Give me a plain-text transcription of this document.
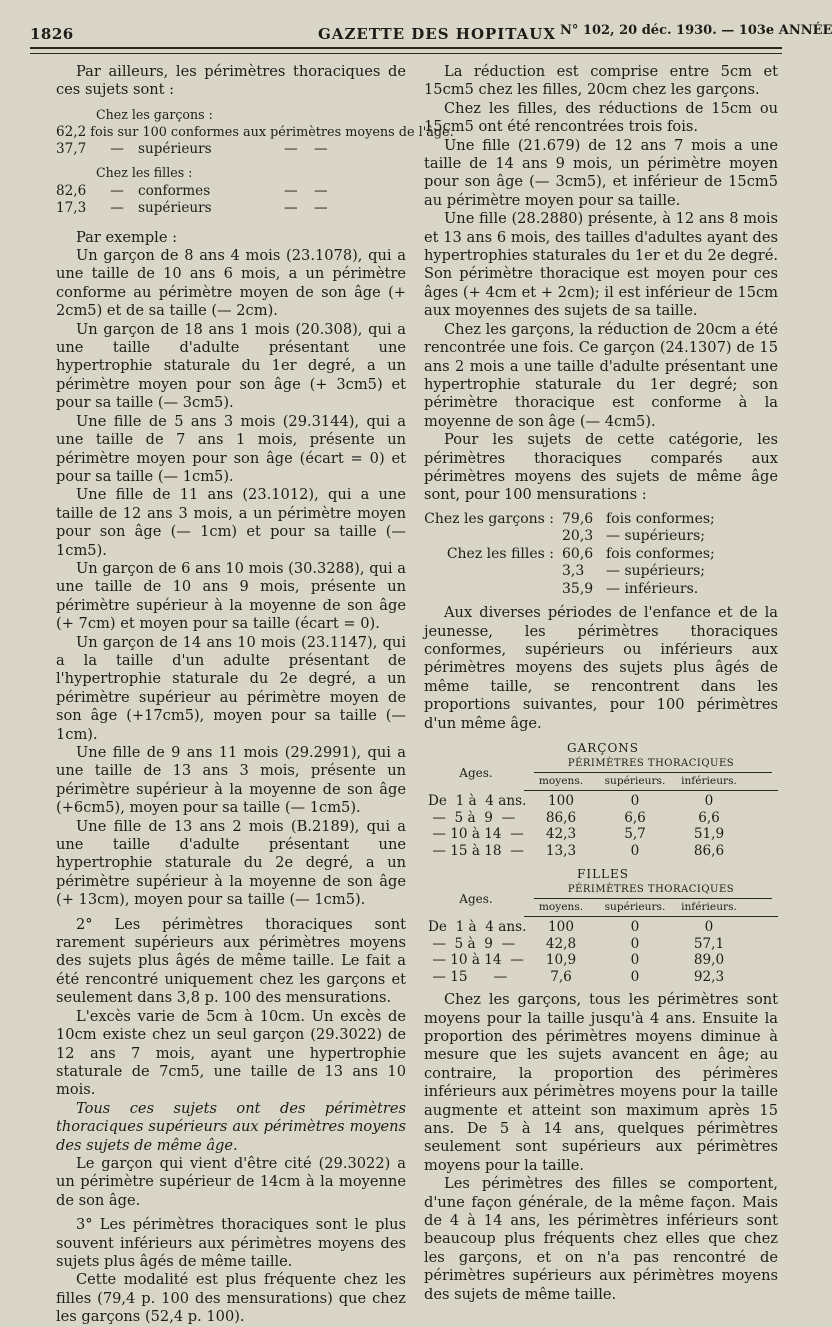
1826	GAZETTE DES HOPITAUX N° 102, 20 déc. 1930. — 103e ANNÉE

Par ailleurs, les périmètres thoraciques de ces sujets sont :

Chez les garçons :

62,2 fois sur 100 conformes aux périmètres moyens de l'âge.
37,7	—	supérieurs	—	—

Chez les filles :

82,6	—	conformes	—	—
17,3	—	supérieurs	—	—

Par exemple :

Un garçon de 8 ans 4 mois (23.1078), qui a une taille de 10 ans 6 mois, a un périmètre conforme au périmètre moyen de son âge (+ 2cm5) et de sa taille (— 2cm).

Un garçon de 18 ans 1 mois (20.308), qui a une taille d'adulte présentant une hypertrophie staturale du 1er degré, a un périmètre moyen pour son âge (+ 3cm5) et pour sa taille (— 3cm5).

Une fille de 5 ans 3 mois (29.3144), qui a une taille de 7 ans 1 mois, présente un périmètre moyen pour son âge (écart = 0) et pour sa taille (— 1cm5).

Une fille de 11 ans (23.1012), qui a une taille de 12 ans 3 mois, a un périmètre moyen pour son âge (— 1cm) et pour sa taille (— 1cm5).

Un garçon de 6 ans 10 mois (30.3288), qui a une taille de 10 ans 9 mois, présente un périmètre supérieur à la moyenne de son âge (+ 7cm) et moyen pour sa taille (écart = 0).

Un garçon de 14 ans 10 mois (23.1147), qui a la taille d'un adulte présentant de l'hypertrophie staturale du 2e degré, a un périmètre supérieur au périmètre moyen de son âge (+17cm5), moyen pour sa taille (— 1cm).

Une fille de 9 ans 11 mois (29.2991), qui a une taille de 13 ans 3 mois, présente un périmètre supérieur à la moyenne de son âge (+6cm5), moyen pour sa taille (— 1cm5).

Une fille de 13 ans 2 mois (B.2189), qui a une taille d'adulte présentant une hypertrophie staturale du 2e degré, a un périmètre supérieur à la moyenne de son âge (+ 13cm), moyen pour sa taille (— 1cm5).

2° Les périmètres thoraciques sont rarement supérieurs aux périmètres moyens des sujets plus âgés de même taille. Le fait a été rencontré uniquement chez les garçons et seulement dans 3,8 p. 100 des mensurations.

L'excès varie de 5cm à 10cm. Un excès de 10cm existe chez un seul garçon (29.3022) de 12 ans 7 mois, ayant une hypertrophie staturale de 7cm5, une taille de 13 ans 10 mois.

Tous ces sujets ont des périmètres thoraciques supérieurs aux périmètres moyens des sujets de même âge.

Le garçon qui vient d'être cité (29.3022) a un périmètre supérieur de 14cm à la moyenne de son âge.

3° Les périmètres thoraciques sont le plus souvent inférieurs aux périmètres moyens des sujets plus âgés de même taille.

Cette modalité est plus fréquente chez les filles (79,4 p. 100 des mensurations) que chez les garçons (52,4 p. 100).

La réduction est comprise entre 5cm et 15cm5 chez les filles, 20cm chez les garçons.

Chez les filles, des réductions de 15cm ou 15cm5 ont été rencontrées trois fois.

Une fille (21.679) de 12 ans 7 mois a une taille de 14 ans 9 mois, un périmètre moyen pour son âge (— 3cm5), et inférieur de 15cm5 au périmètre moyen pour sa taille.

Une fille (28.2880) présente, à 12 ans 8 mois et 13 ans 6 mois, des tailles d'adultes ayant des hypertrophies staturales du 1er et du 2e degré. Son périmètre thoracique est moyen pour ces âges (+ 4cm et + 2cm); il est inférieur de 15cm aux moyennes des sujets de sa taille.

Chez les garçons, la réduction de 20cm a été rencontrée une fois. Ce garçon (24.1307) de 15 ans 2 mois a une taille d'adulte présentant une hypertrophie staturale du 1er degré; son périmètre thoracique est conforme à la moyenne de son âge (— 4cm5).

Pour les sujets de cette catégorie, les périmètres thoraciques comparés aux périmètres moyens des sujets de même âge sont, pour 100 mensurations :

Chez les garçons : 79,6 fois conformes;
20,3 — supérieurs;
Chez les filles : 60,6 fois conformes;
3,3	— supérieurs;
35,9 — inférieurs.

Aux diverses périodes de l'enfance et de la jeunesse, les périmètres thoraciques conformes, supérieurs ou inférieurs aux périmètres moyens des sujets plus âgés de même taille, se rencontrent dans les proportions suivantes, pour 100 périmètres d'un même âge.

GARÇONS
Ages.
PÉRIMÈTRES THORACIQUES
moyens.	supérieurs.	inférieurs.
De  1 à  4 ans.	100	0	0
—  5 à  9  —	86,6	6,6	6,6
— 10 à 14  —	42,3	5,7	51,9
— 15 à 18  —	13,3	0	86,6
FILLES
Ages.
PÉRIMÈTRES THORACIQUES
moyens.	supérieurs.	inférieurs.
De  1 à  4 ans.	100	0	0
—  5 à  9  —	42,8	0	57,1
— 10 à 14  —	10,9	0	89,0
— 15      —	7,6	0	92,3

Chez les garçons, tous les périmètres sont moyens pour la taille jusqu'à 4 ans. Ensuite la proportion des périmètres moyens diminue à mesure que les sujets avancent en âge; au contraire, la proportion des périmères inférieurs aux périmètres moyens pour la taille augmente et atteint son maximum après 15 ans. De 5 à 14 ans, quelques périmètres seulement sont supérieurs aux périmètres moyens pour la taille.

Les périmètres des filles se comportent, d'une façon générale, de la même façon. Mais de 4 à 14 ans, les périmètres inférieurs sont beaucoup plus fréquents chez elles que chez les garçons, et on n'a pas rencontré de périmètres supérieurs aux périmètres moyens des sujets de même taille.
